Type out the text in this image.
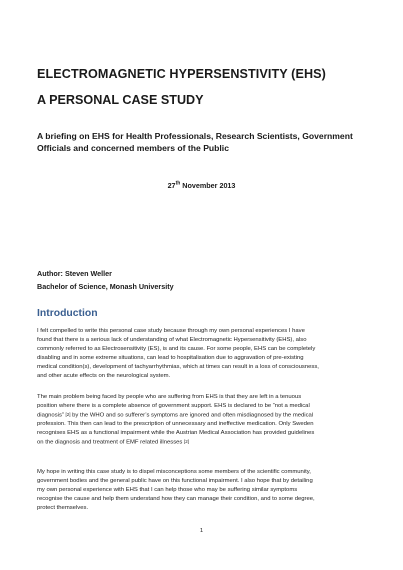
ELECTROMAGNETIC HYPERSENSTIVITY (EHS)
A PERSONAL CASE STUDY

A briefing on EHS for Health Professionals, Research Scientists, Government
Officials and concerned members of the Public

27th November 2013

Author: Steven Weller
Bachelor of Science, Monash University

Introduction

I felt compelled to write this personal case study because through my own personal experiences I have
found that there is a serious lack of understanding of what Electromagnetic Hypersensitivity (EHS), also
commonly referred to as Electrosensitivity (ES), is and its cause. For some people, EHS can be completely
disabling and in some extreme situations, can lead to hospitalisation due to aggravation of pre-existing
medical condition(s), development of tachyarrhythmias, which at times can result in a loss of consciousness,
and other acute effects on the neurological system.

The main problem being faced by people who are suffering from EHS is that they are left in a tenuous
position where there is a complete absence of government support. EHS is declared to be “not a medical
diagnosis” [2] by the WHO and so sufferer’s symptoms are ignored and often misdiagnosed by the medical
profession. This then can lead to the prescription of unnecessary and ineffective medication. Only Sweden
recognises EHS as a functional impairment while the Austrian Medical Association has provided guidelines
on the diagnosis and treatment of EMF related illnesses [2]

My hope in writing this case study is to dispel misconceptions some members of the scientific community,
government bodies and the general public have on this functional impairment. I also hope that by detailing
my own personal experience with EHS that I can help those who may be suffering similar symptoms
recognise the cause and help them understand how they can manage their condition, and to some degree,
protect themselves.

1
